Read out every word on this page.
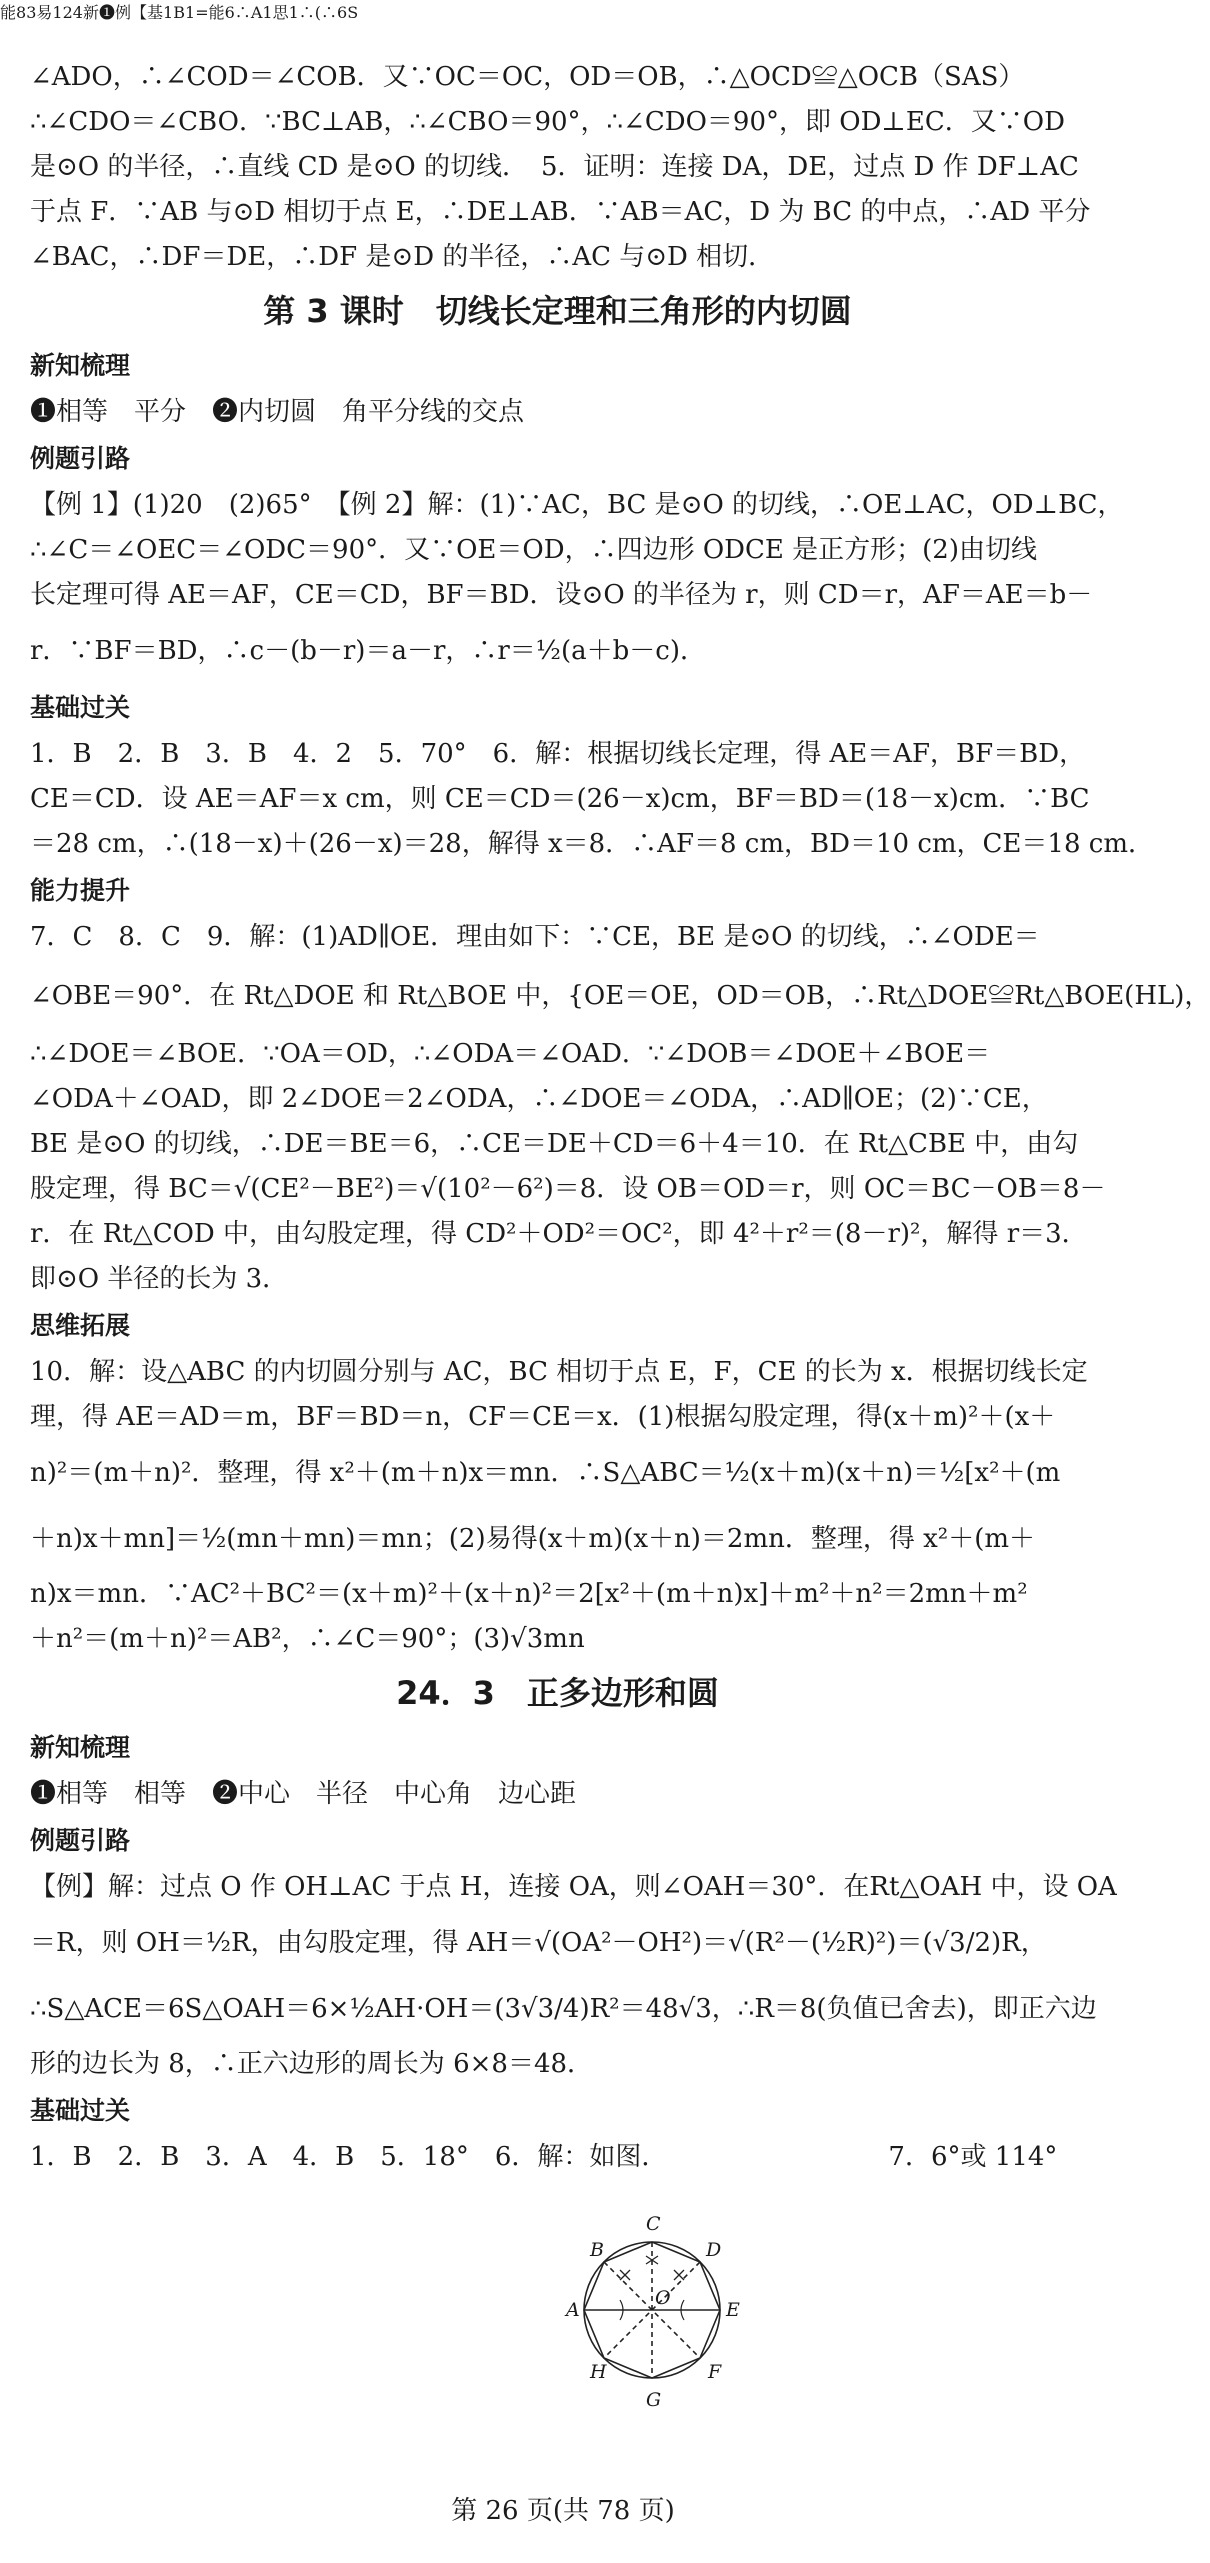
∠ADO，∴∠COD＝∠COB．又∵OC＝OC，OD＝OB，∴△OCD≌△OCB（SAS）
∴∠CDO＝∠CBO．∵BC⊥AB，∴∠CBO＝90°，∴∠CDO＝90°，即 OD⊥EC．又∵OD
是⊙O 的半径，∴直线 CD 是⊙O 的切线．　5．证明：连接 DA，DE，过点 D 作 DF⊥AC
于点 F．∵AB 与⊙D 相切于点 E，∴DE⊥AB．∵AB＝AC，D 为 BC 的中点，∴AD 平分
∠BAC，∴DF＝DE，∴DF 是⊙D 的半径，∴AC 与⊙D 相切．
第 3 课时　切线长定理和三角形的内切圆
新知梳理
❶相等　平分　❷内切圆　角平分线的交点
例题引路
【例 1】(1)20　(2)65°　【例 2】解：(1)∵AC，BC 是⊙O 的切线，∴OE⊥AC，OD⊥BC，
∴∠C＝∠OEC＝∠ODC＝90°．又∵OE＝OD，∴四边形 ODCE 是正方形；(2)由切线
长定理可得 AE＝AF，CE＝CD，BF＝BD．设⊙O 的半径为 r，则 CD＝r，AF＝AE＝b－
r．∵BF＝BD，∴c－(b－r)＝a－r，∴r＝½(a＋b－c)．
基础过关
1．B　2．B　3．B　4．2　5．70°　6．解：根据切线长定理，得 AE＝AF，BF＝BD，
CE＝CD．设 AE＝AF＝x cm，则 CE＝CD＝(26－x)cm，BF＝BD＝(18－x)cm．∵BC
＝28 cm，∴(18－x)＋(26－x)＝28，解得 x＝8．∴AF＝8 cm，BD＝10 cm，CE＝18 cm．
能力提升
7．C　8．C　9．解：(1)AD∥OE．理由如下：∵CE，BE 是⊙O 的切线，∴∠ODE＝
∠OBE＝90°．在 Rt△DOE 和 Rt△BOE 中，{OE＝OE，OD＝OB，∴Rt△DOE≌Rt△BOE(HL)，
∴∠DOE＝∠BOE．∵OA＝OD，∴∠ODA＝∠OAD．∵∠DOB＝∠DOE＋∠BOE＝
∠ODA＋∠OAD，即 2∠DOE＝2∠ODA，∴∠DOE＝∠ODA，∴AD∥OE；(2)∵CE，
BE 是⊙O 的切线，∴DE＝BE＝6，∴CE＝DE＋CD＝6＋4＝10．在 Rt△CBE 中，由勾
股定理，得 BC＝√(CE²－BE²)＝√(10²－6²)＝8．设 OB＝OD＝r，则 OC＝BC－OB＝8－
r．在 Rt△COD 中，由勾股定理，得 CD²＋OD²＝OC²，即 4²＋r²＝(8－r)²，解得 r＝3．
即⊙O 半径的长为 3．
思维拓展
10．解：设△ABC 的内切圆分别与 AC，BC 相切于点 E，F，CE 的长为 x．根据切线长定
理，得 AE＝AD＝m，BF＝BD＝n，CF＝CE＝x．(1)根据勾股定理，得(x＋m)²＋(x＋
n)²＝(m＋n)²．整理，得 x²＋(m＋n)x＝mn．∴S△ABC＝½(x＋m)(x＋n)＝½[x²＋(m
＋n)x＋mn]＝½(mn＋mn)＝mn；(2)易得(x＋m)(x＋n)＝2mn．整理，得 x²＋(m＋
n)x＝mn．∵AC²＋BC²＝(x＋m)²＋(x＋n)²＝2[x²＋(m＋n)x]＋m²＋n²＝2mn＋m²
＋n²＝(m＋n)²＝AB²，∴∠C＝90°；(3)√3mn
24．3　正多边形和圆
新知梳理
❶相等　相等　❷中心　半径　中心角　边心距
例题引路
【例】解：过点 O 作 OH⊥AC 于点 H，连接 OA，则∠OAH＝30°．在Rt△OAH 中，设 OA
＝R，则 OH＝½R，由勾股定理，得 AH＝√(OA²－OH²)＝√(R²－(½R)²)＝(√3/2)R，
∴S△ACE＝6S△OAH＝6×½AH·OH＝(3√3/4)R²＝48√3，∴R＝8(负值已舍去)，即正六边
形的边长为 8，∴正六边形的周长为 6×8＝48．
基础过关
1．B　2．B　3．A　4．B　5．18°　6．解：如图．　　　　　　　　　7．6°或 114°
C
B	D
A
O
E
H	F
G
能83易124新❶例【基1B1=能6∴A1思1∴(∴6S
第 26 页(共 78 页)
